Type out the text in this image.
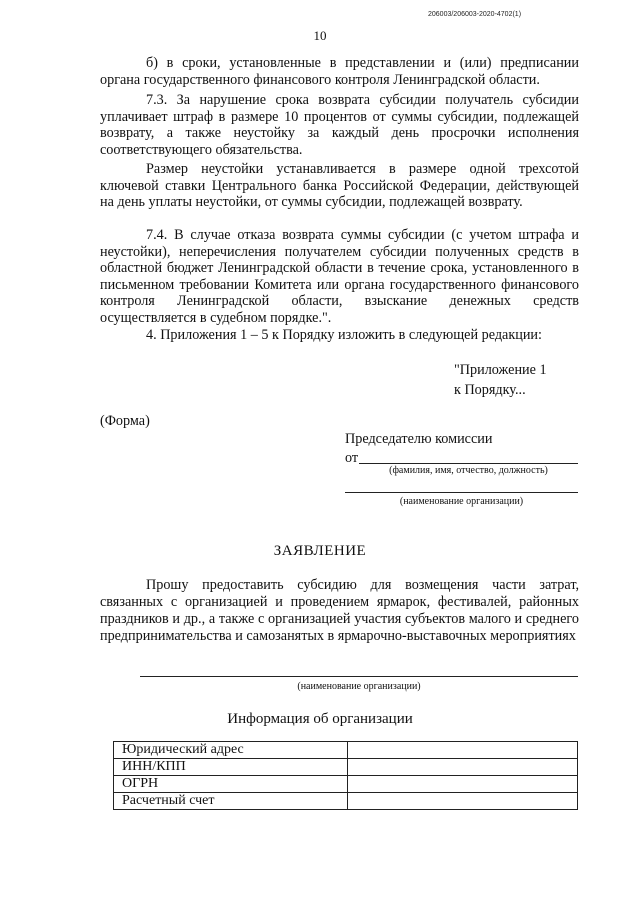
206003/206003-2020-4702(1)
10

б) в сроки, установленные в представлении и (или) предписании органа государственного финансового контроля Ленинградской области.

7.3. За нарушение срока возврата субсидии получатель субсидии уплачивает штраф в размере 10 процентов от суммы субсидии, подлежащей возврату, а также неустойку за каждый день просрочки исполнения соответствующего обязательства.

Размер неустойки устанавливается в размере одной трехсотой ключевой ставки Центрального банка Российской Федерации, действующей на день уплаты неустойки, от суммы субсидии, подлежащей возврату.

7.4. В случае отказа возврата суммы субсидии (с учетом штрафа и неустойки), неперечисления получателем субсидии полученных средств в областной бюджет Ленинградской области в течение срока, установленного в письменном требовании Комитета или органа государственного финансового контроля Ленинградской области, взыскание денежных средств осуществляется в судебном порядке.".

4. Приложения 1 – 5 к Порядку изложить в следующей редакции:

"Приложение 1
к Порядку...
(Форма)
Председателю комиссии
от
(фамилия, имя, отчество, должность)
(наименование организации)
ЗАЯВЛЕНИЕ

Прошу предоставить субсидию для возмещения части затрат, связанных с организацией и проведением ярмарок, фестивалей, районных праздников и др., а также с организацией участия субъектов малого и среднего предпринимательства и самозанятых в ярмарочно-выставочных мероприятиях

(наименование организации)
Информация об организации
Юридический адрес	
ИНН/КПП	
ОГРН	
Расчетный счет	
